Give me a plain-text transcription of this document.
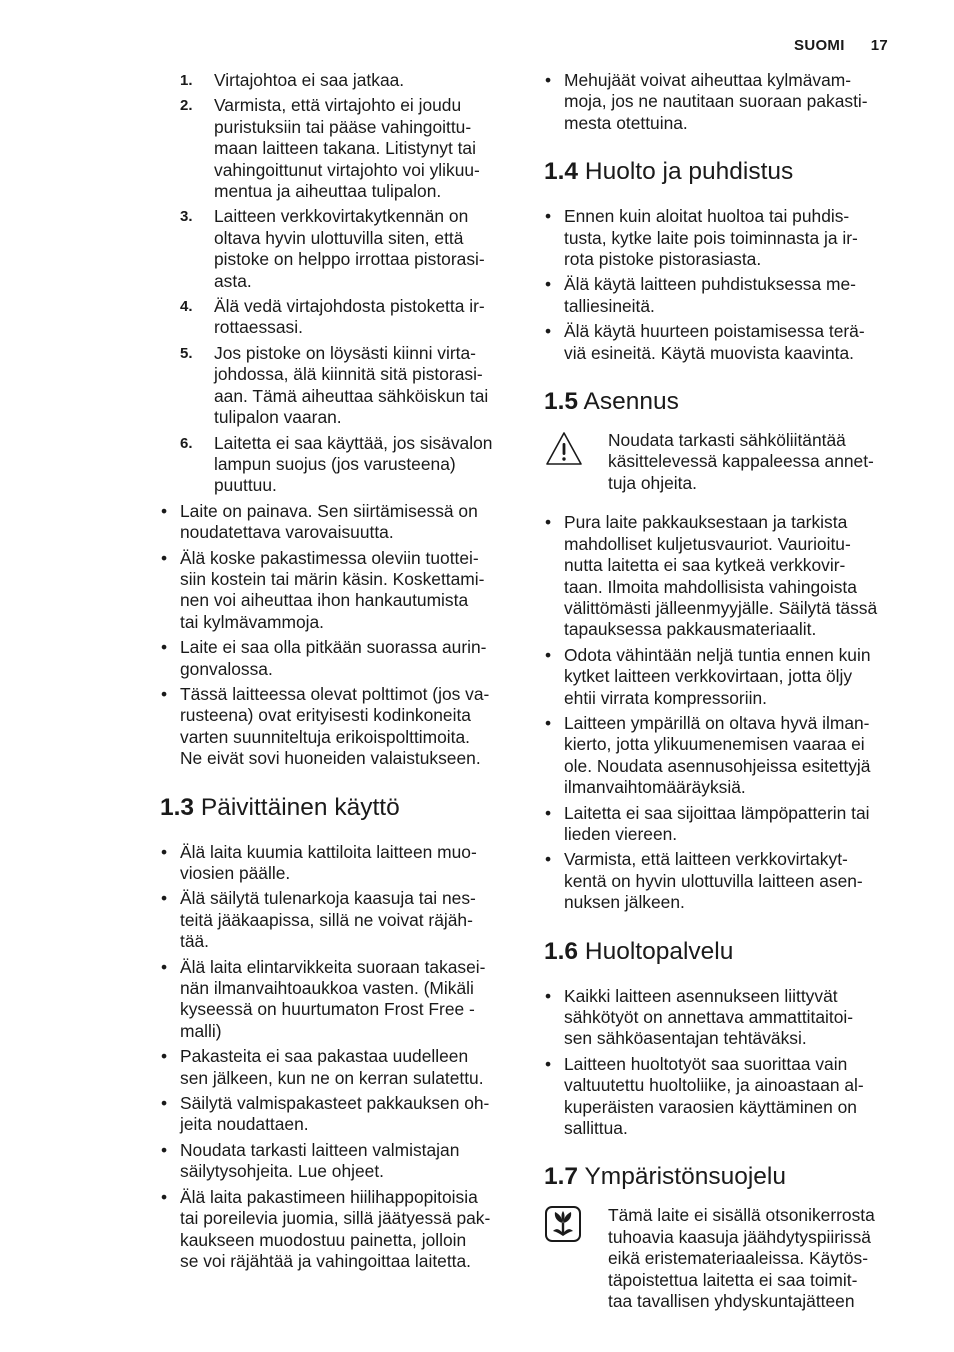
SUOMI 17
1. Virtajohtoa ei saa jatkaa.

2. Varmista, että virtajohto ei joudu

puristuksiin tai pääse vahingoittu-

maan laitteen takana. Litistynyt tai

vahingoittunut virtajohto voi ylikuu-

mentua ja aiheuttaa tulipalon.

3. Laitteen verkkovirtakytkennän on

oltava hyvin ulottuvilla siten, että

pistoke on helppo irrottaa pistorasi-

asta.

4. Älä vedä virtajohdosta pistoketta ir-

rottaessasi.

5. Jos pistoke on löysästi kiinni virta-

johdossa, älä kiinnitä sitä pistorasi-

aan. Tämä aiheuttaa sähköiskun tai

tulipalon vaaran.

6. Laitetta ei saa käyttää, jos sisävalon

lampun suojus (jos varusteena)

puuttuu.

• Laite on painava. Sen siirtämisessä on

noudatettava varovaisuutta.

• Älä koske pakastimessa oleviin tuottei-

siin kostein tai märin käsin. Koskettami-

nen voi aiheuttaa ihon hankautumista

tai kylmävammoja.

• Laite ei saa olla pitkään suorassa aurin-

gonvalossa.

• Tässä laitteessa olevat polttimot (jos va-

rusteena) ovat erityisesti kodinkoneita

varten suunniteltuja erikoispolttimoita.

Ne eivät sovi huoneiden valaistukseen.

1.3 Päivittäinen käyttö
• Älä laita kuumia kattiloita laitteen muo-

viosien päälle.

• Älä säilytä tulenarkoja kaasuja tai nes-

teitä jääkaapissa, sillä ne voivat räjäh-

tää.

• Älä laita elintarvikkeita suoraan takasei-

nän ilmanvaihtoaukkoa vasten. (Mikäli

kyseessä on huurtumaton Frost Free -

malli)

• Pakasteita ei saa pakastaa uudelleen

sen jälkeen, kun ne on kerran sulatettu.

• Säilytä valmispakasteet pakkauksen oh-

jeita noudattaen.

• Noudata tarkasti laitteen valmistajan

säilytysohjeita. Lue ohjeet.

• Älä laita pakastimeen hiilihappopitoisia

tai poreilevia juomia, sillä jäätyessä pak-

kaukseen muodostuu painetta, jolloin

se voi räjähtää ja vahingoittaa laitetta.

• Mehujäät voivat aiheuttaa kylmävam-

moja, jos ne nautitaan suoraan pakasti-

mesta otettuina.

1.4 Huolto ja puhdistus
• Ennen kuin aloitat huoltoa tai puhdis-

tusta, kytke laite pois toiminnasta ja ir-

rota pistoke pistorasiasta.

• Älä käytä laitteen puhdistuksessa me-

talliesineitä.

• Älä käytä huurteen poistamisessa terä-

viä esineitä. Käytä muovista kaavinta.

1.5 Asennus

Noudata tarkasti sähköliitäntää

käsittelevessä kappaleessa annet-

tuja ohjeita.

• Pura laite pakkauksestaan ja tarkista

mahdolliset kuljetusvauriot. Vaurioitu-

nutta laitetta ei saa kytkeä verkkovir-

taan. Ilmoita mahdollisista vahingoista

välittömästi jälleenmyyjälle. Säilytä tässä

tapauksessa pakkausmateriaalit.

• Odota vähintään neljä tuntia ennen kuin

kytket laitteen verkkovirtaan, jotta öljy

ehtii virrata kompressoriin.

• Laitteen ympärillä on oltava hyvä ilman-

kierto, jotta ylikuumenemisen vaaraa ei

ole. Noudata asennusohjeissa esitettyjä

ilmanvaihtomääräyksiä.

• Laitetta ei saa sijoittaa lämpöpatterin tai

lieden viereen.

• Varmista, että laitteen verkkovirtakyt-

kentä on hyvin ulottuvilla laitteen asen-

nuksen jälkeen.

1.6 Huoltopalvelu
• Kaikki laitteen asennukseen liittyvät

sähkötyöt on annettava ammattitaitoi-

sen sähköasentajan tehtäväksi.

• Laitteen huoltotyöt saa suorittaa vain

valtuutettu huoltoliike, ja ainoastaan al-

kuperäisten varaosien käyttäminen on

sallittua.

1.7 Ympäristönsuojelu

Tämä laite ei sisällä otsonikerrosta

tuhoavia kaasuja jäähdytyspiirissä

eikä eristemateriaaleissa. Käytös-

täpoistettua laitetta ei saa toimit-

taa tavallisen yhdyskuntajätteen
